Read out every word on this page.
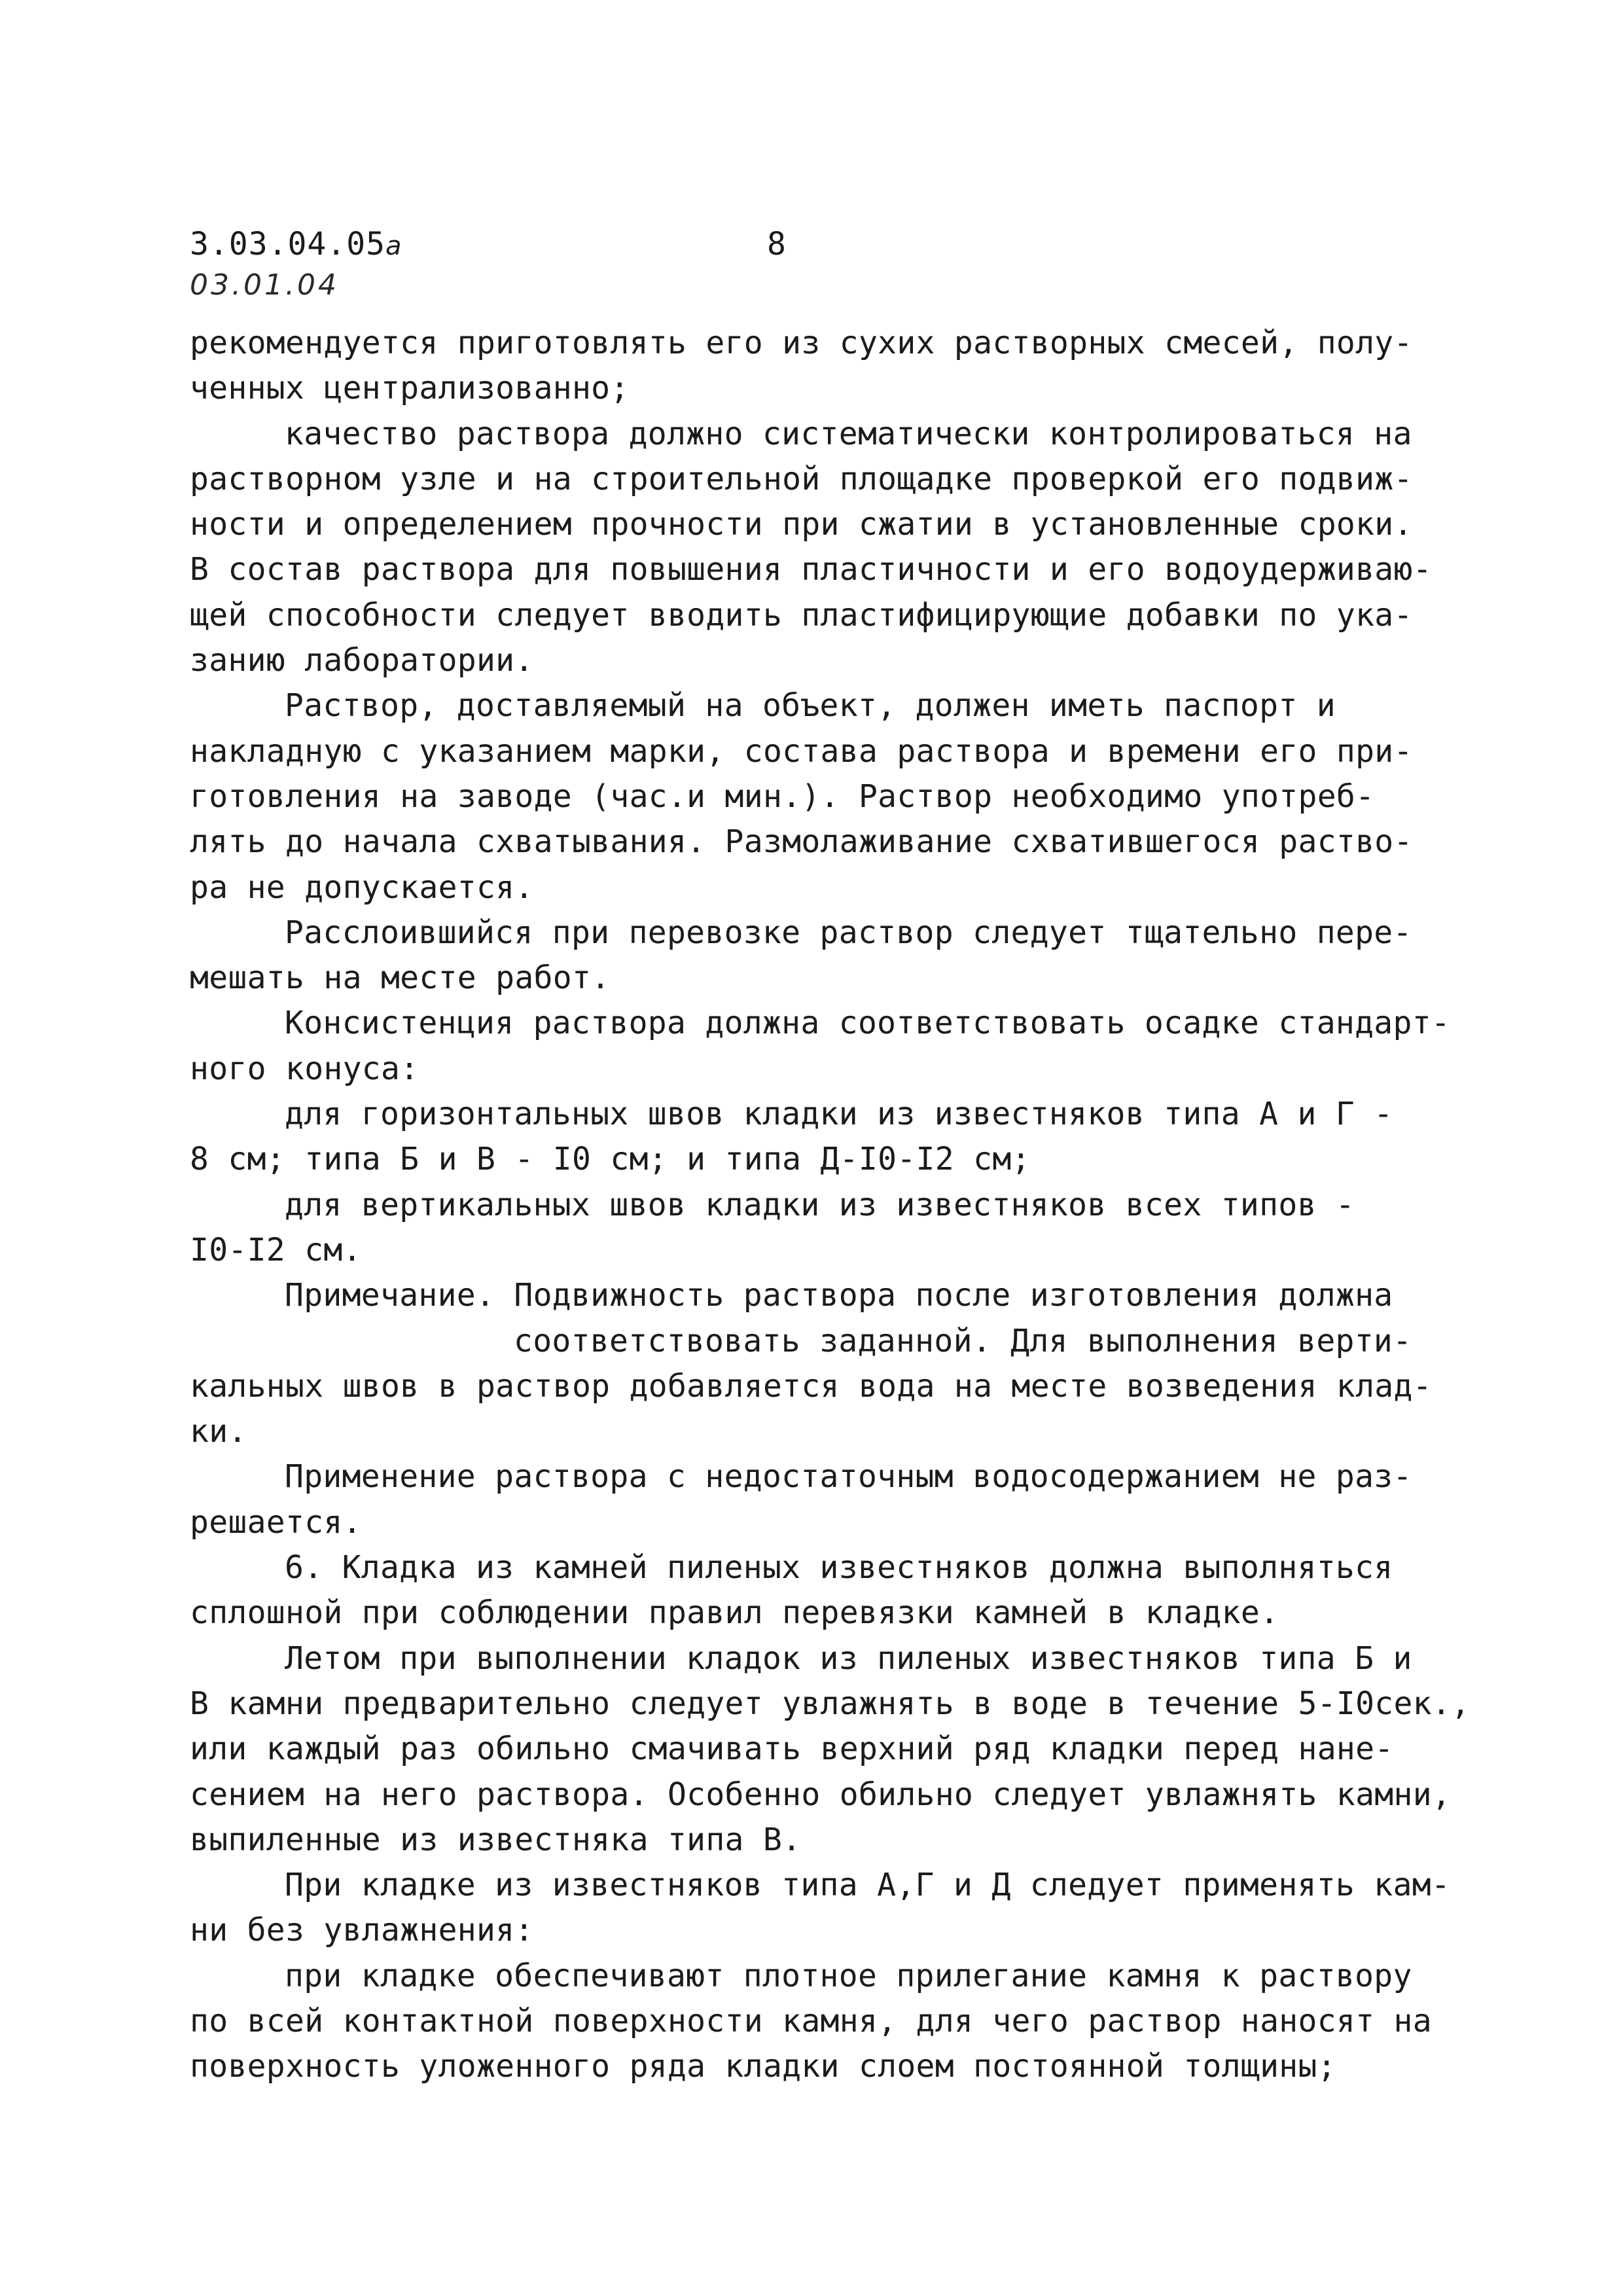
3.03.04.05а	8
03.01.04
рекомендуется приготовлять его из сухих растворных смесей, полу-
ченных централизованно;
качество раствора должно систематически контролироваться на
растворном узле и на строительной площадке проверкой его подвиж-
ности и определением прочности при сжатии в установленные сроки.
В состав раствора для повышения пластичности и его водоудерживаю-
щей способности следует вводить пластифицирующие добавки по ука-
занию лаборатории.
Раствор, доставляемый на объект, должен иметь паспорт и
накладную с указанием марки, состава раствора и времени его при-
готовления на заводе (час.и мин.). Раствор необходимо употреб-
лять до начала схватывания. Размолаживание схватившегося раство-
ра не допускается.
Расслоившийся при перевозке раствор следует тщательно пере-
мешать на месте работ.
Консистенция раствора должна соответствовать осадке стандарт-
ного конуса:
для горизонтальных швов кладки из известняков типа А и Г -
8 см; типа Б и В - I0 см; и типа Д-I0-I2 см;
для вертикальных швов кладки из известняков всех типов -
I0-I2 см.
Примечание. Подвижность раствора после изготовления должна
соответствовать заданной. Для выполнения верти-
кальных швов в раствор добавляется вода на месте возведения клад-
ки.
Применение раствора с недостаточным водосодержанием не раз-
решается.
6. Кладка из камней пиленых известняков должна выполняться
сплошной при соблюдении правил перевязки камней в кладке.
Летом при выполнении кладок из пиленых известняков типа Б и
В камни предварительно следует увлажнять в воде в течение 5-I0сек.,
или каждый раз обильно смачивать верхний ряд кладки перед нане-
сением на него раствора. Особенно обильно следует увлажнять камни,
выпиленные из известняка типа В.
При кладке из известняков типа А,Г и Д следует применять кам-
ни без увлажнения:
при кладке обеспечивают плотное прилегание камня к раствору
по всей контактной поверхности камня, для чего раствор наносят на
поверхность уложенного ряда кладки слоем постоянной толщины;
